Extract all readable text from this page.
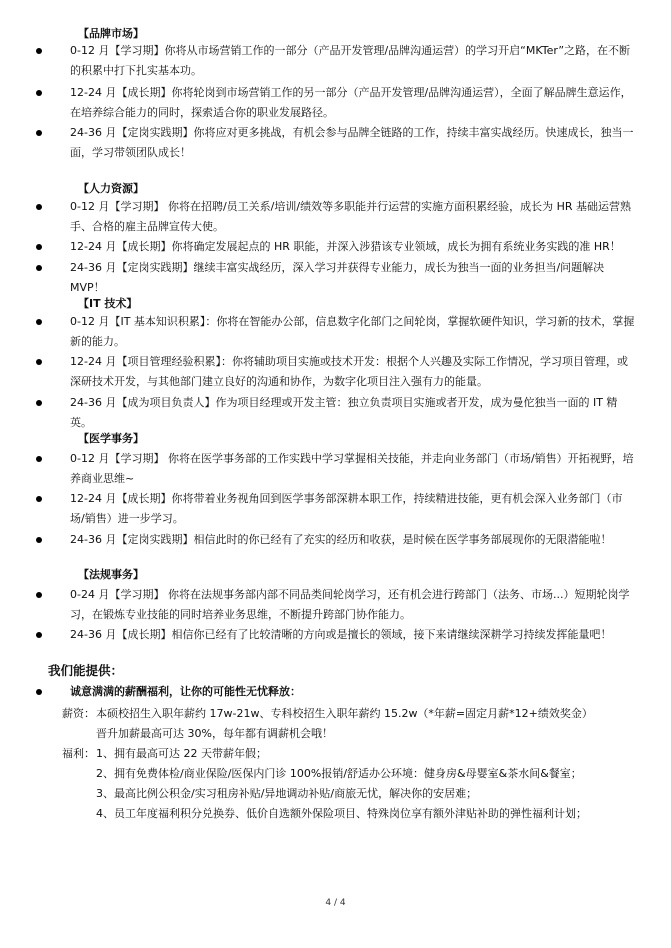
【品牌市场】
0-12 月【学习期】你将从市场营销工作的一部分（产品开发管理/品牌沟通运营）的学习开启“MKTer”之路，在不断的积累中打下扎实基本功。
12-24 月【成长期】你将轮岗到市场营销工作的另一部分（产品开发管理/品牌沟通运营），全面了解品牌生意运作，在培养综合能力的同时，探索适合你的职业发展路径。
24-36 月【定岗实践期】你将应对更多挑战，有机会参与品牌全链路的工作，持续丰富实战经历。快速成长，独当一面，学习带领团队成长！
【人力资源】
0-12 月【学习期】 你将在招聘/员工关系/培训/绩效等多职能并行运营的实施方面积累经验，成长为 HR 基础运营熟手、合格的雇主品牌宣传大使。
12-24 月【成长期】你将确定发展起点的 HR 职能，并深入涉猎该专业领域，成长为拥有系统业务实践的准 HR！
24-36 月【定岗实践期】继续丰富实战经历，深入学习并获得专业能力，成长为独当一面的业务担当/问题解决 MVP！
【IT 技术】
0-12 月【IT 基本知识积累】：你将在智能办公部，信息数字化部门之间轮岗，掌握软硬件知识，学习新的技术，掌握新的能力。
12-24 月【项目管理经验积累】：你将辅助项目实施或技术开发：根据个人兴趣及实际工作情况，学习项目管理，或深研技术开发，与其他部门建立良好的沟通和协作，为数字化项目注入强有力的能量。
24-36 月【成为项目负责人】作为项目经理或开发主管：独立负责项目实施或者开发，成为曼佗独当一面的 IT 精英。
【医学事务】
0-12 月【学习期】 你将在医学事务部的工作实践中学习掌握相关技能，并走向业务部门（市场/销售）开拓视野，培养商业思维~
12-24 月【成长期】你将带着业务视角回到医学事务部深耕本职工作，持续精进技能，更有机会深入业务部门（市场/销售）进一步学习。
24-36 月【定岗实践期】相信此时的你已经有了充实的经历和收获，是时候在医学事务部展现你的无限潜能啦！
【法规事务】
0-24 月【学习期】 你将在法规事务部内部不同品类间轮岗学习，还有机会进行跨部门（法务、市场...）短期轮岗学习，在锻炼专业技能的同时培养业务思维，不断提升跨部门协作能力。
24-36 月【成长期】相信你已经有了比较清晰的方向或是擅长的领域，接下来请继续深耕学习持续发挥能量吧！
我们能提供：
诚意满满的薪酬福利，让你的可能性无忧释放：
薪资： 本硕校招生入职年薪约 17w-21w、专科校招生入职年薪约 15.2w（*年薪=固定月薪*12+绩效奖金）
晋升加薪最高可达 30%，每年都有调薪机会哦！
福利： 1、拥有最高可达 22 天带薪年假；
2、拥有免费体检/商业保险/医保内门诊 100%报销/舒适办公环境：健身房&母婴室&茶水间&餐室；
3、最高比例公积金/实习租房补贴/异地调动补贴/商旅无忧，解决你的安居难；
4、员工年度福利积分兑换券、低价自选额外保险项目、特殊岗位享有额外津贴补助的弹性福利计划；
4 / 4
